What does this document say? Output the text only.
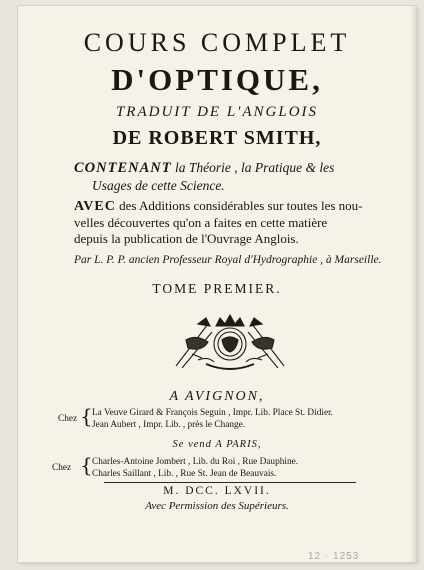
COURS COMPLET
D'OPTIQUE,
TRADUIT DE L'ANGLOIS
DE ROBERT SMITH,
CONTENANT la Théorie , la Pratique & les
Usages de cette Science.
AVEC des Additions considérables sur toutes les nou-
velles découvertes qu'on a faites en cette matière
depuis la publication de l'Ouvrage Anglois.
Par L. P. P. ancien Professeur Royal d'Hydrographie , à Marseille.
TOME PREMIER.
A AVIGNON,
Chez { La Veuve Girard & François Seguin , Impr. Lib. Place St. Didier.
Jean Aubert , Impr. Lib. , près le Change.
Se vend A PARIS,
Chez { Charles-Antoine Jombert , Lib. du Roi , Rue Dauphine.
Charles Saillant , Lib. , Rue St. Jean de Beauvais.
M. DCC. LXVII.
Avec Permission des Supérieurs.
12 · 1253
